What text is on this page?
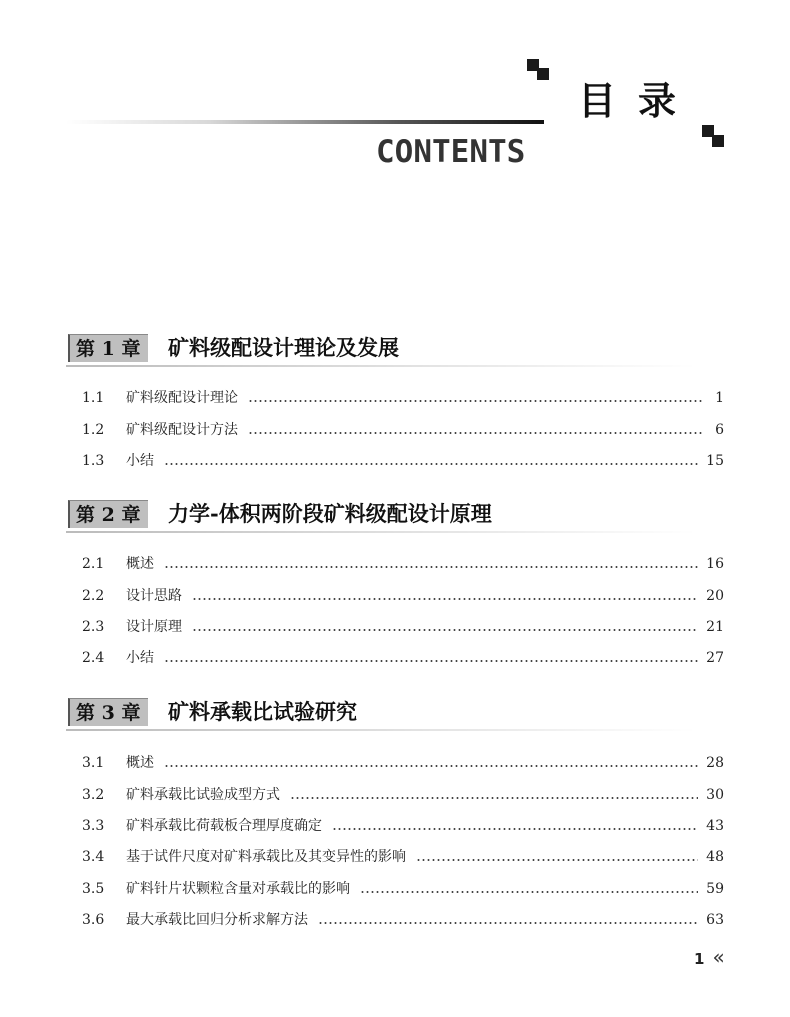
目录
CONTENTS
第 1 章	矿料级配设计理论及发展
1.1	矿料级配设计理论	1
1.2	矿料级配设计方法	6
1.3	小结	15
第 2 章	力学-体积两阶段矿料级配设计原理
2.1	概述	16
2.2	设计思路	20
2.3	设计原理	21
2.4	小结	27
第 3 章	矿料承载比试验研究
3.1	概述	28
3.2	矿料承载比试验成型方式	30
3.3	矿料承载比荷载板合理厚度确定	43
3.4	基于试件尺度对矿料承载比及其变异性的影响	48
3.5	矿料针片状颗粒含量对承载比的影响	59
3.6	最大承载比回归分析求解方法	63
1 «
